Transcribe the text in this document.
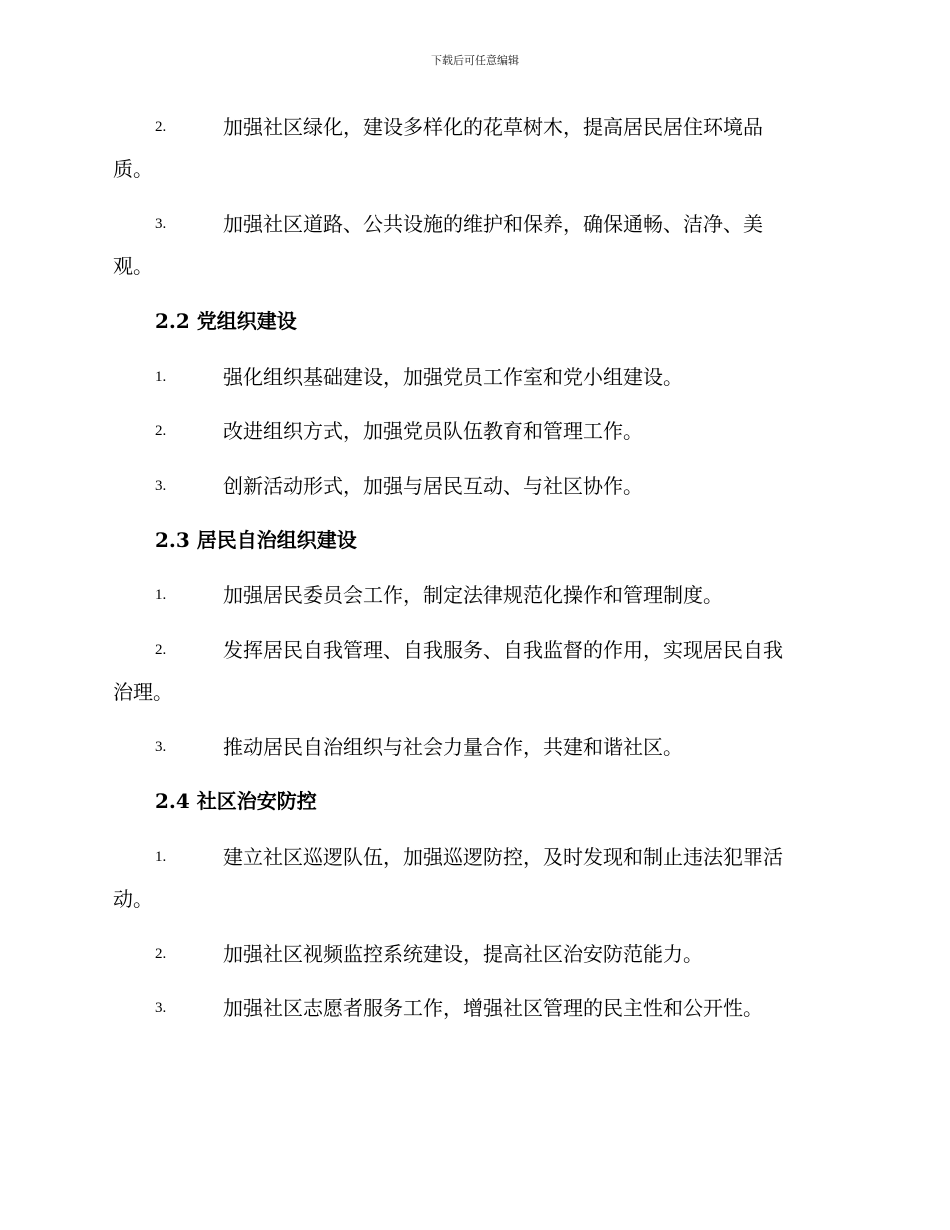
下载后可任意编辑
2.	加强社区绿化，建设多样化的花草树木，提高居民居住环境品
质。
3.	加强社区道路、公共设施的维护和保养，确保通畅、洁净、美
观。
2.2 党组织建设
1.	强化组织基础建设，加强党员工作室和党小组建设。
2.	改进组织方式，加强党员队伍教育和管理工作。
3.	创新活动形式，加强与居民互动、与社区协作。
2.3 居民自治组织建设
1.	加强居民委员会工作，制定法律规范化操作和管理制度。
2.	发挥居民自我管理、自我服务、自我监督的作用，实现居民自我
治理。
3.	推动居民自治组织与社会力量合作，共建和谐社区。
2.4 社区治安防控
1.	建立社区巡逻队伍，加强巡逻防控，及时发现和制止违法犯罪活
动。
2.	加强社区视频监控系统建设，提高社区治安防范能力。
3.	加强社区志愿者服务工作，增强社区管理的民主性和公开性。
